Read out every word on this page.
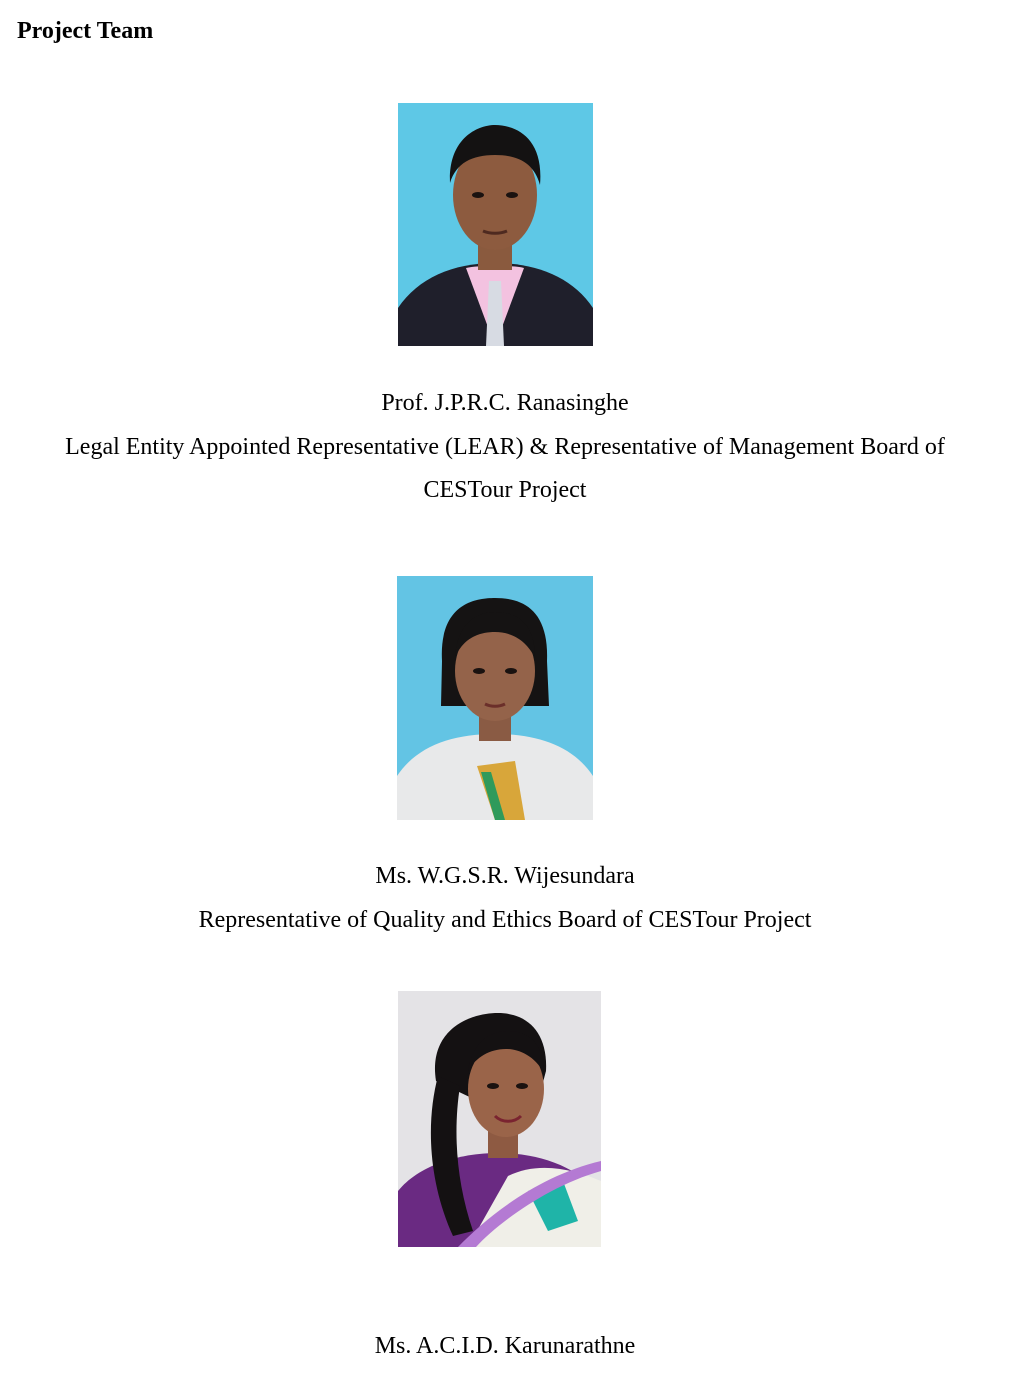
Project Team

Prof. J.P.R.C. Ranasinghe

Legal Entity Appointed Representative (LEAR) & Representative of Management Board of CESTour Project

Ms. W.G.S.R. Wijesundara

Representative of Quality and Ethics Board of CESTour Project

Ms. A.C.I.D. Karunarathne
